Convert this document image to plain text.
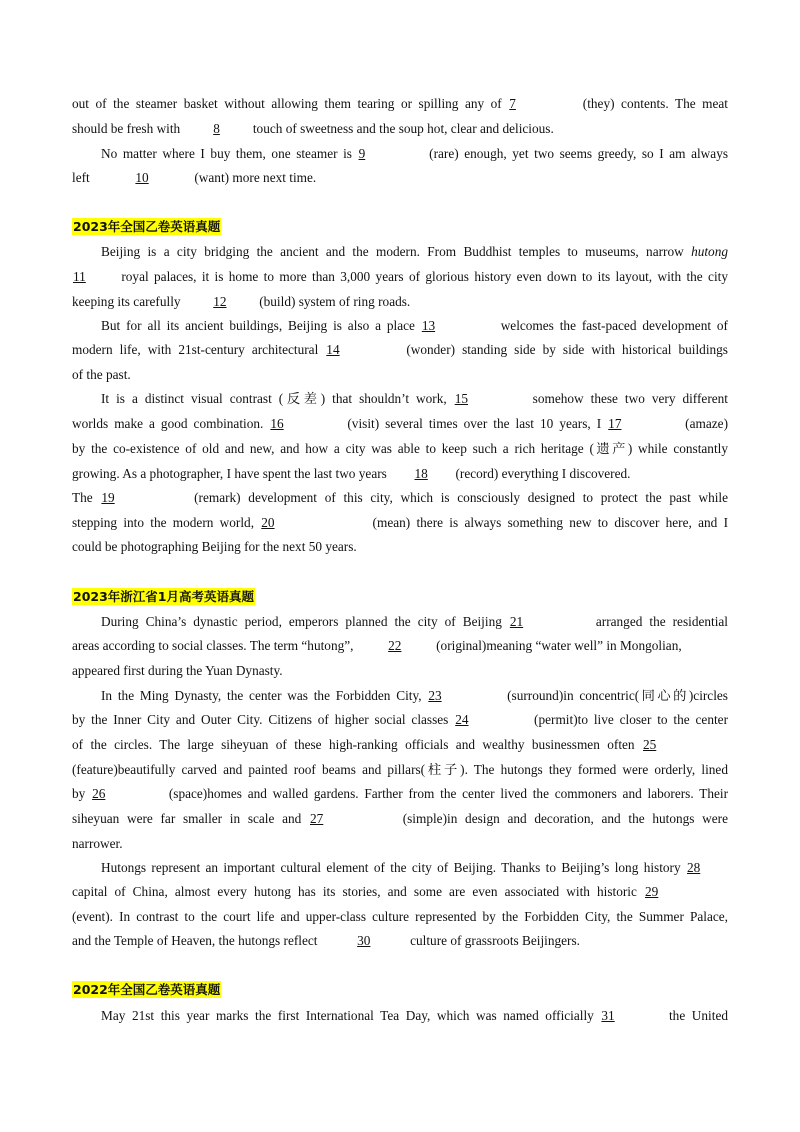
out of the steamer basket without allowing them tearing or spilling any of 7	(they) contents. The meat
should be fresh with 8 touch of sweetness and the soup hot, clear and delicious.
No matter where I buy them, one steamer is 9	(rare) enough, yet two seems greedy, so I am always
left	10	(want) more next time.
2023年全国乙卷英语真题
Beijing is a city bridging the ancient and the modern. From Buddhist temples to museums, narrow hutong
11 royal palaces, it is home to more than 3,000 years of glorious history even down to its layout, with the city
keeping its carefully 12 (build) system of ring roads.
But for all its ancient buildings, Beijing is also a place 13	welcomes the fast-paced development of
modern life, with 21st-century architectural 14	(wonder) standing side by side with historical buildings
of the past.
It is a distinct visual contrast (反差) that shouldn’t work, 15	somehow these two very different
worlds make a good combination. 16	(visit) several times over the last 10 years, I 17	(amaze)
by the co-existence of old and new, and how a city was able to keep such a rich heritage (遗产) while constantly
growing. As a photographer, I have spent the last two years 18 (record) everything I discovered.
The 19	(remark) development of this city, which is consciously designed to protect the past while
stepping into the modern world, 20	(mean) there is always something new to discover here, and I
could be photographing Beijing for the next 50 years.
2023年浙江省1月高考英语真题
During China’s dynastic period, emperors planned the city of Beijing 21	arranged the residential
areas according to social classes. The term “hutong”, 22 (original)meaning “water well” in Mongolian,
appeared first during the Yuan Dynasty.
In the Ming Dynasty, the center was the Forbidden City, 23	(surround)in concentric(同心的)circles
by the Inner City and Outer City. Citizens of higher social classes 24	(permit)to live closer to the center
of the circles. The large siheyuan of these high-ranking officials and wealthy businessmen often 25
(feature)beautifully carved and painted roof beams and pillars(柱子). The hutongs they formed were orderly, lined
by 26	(space)homes and walled gardens. Farther from the center lived the commoners and laborers. Their
siheyuan were far smaller in scale and 27	(simple)in design and decoration, and the hutongs were
narrower.
Hutongs represent an important cultural element of the city of Beijing. Thanks to Beijing’s long history 28
capital of China, almost every hutong has its stories, and some are even associated with historic 29
(event). In contrast to the court life and upper-class culture represented by the Forbidden City, the Summer Palace,
and the Temple of Heaven, the hutongs reflect	30	culture of grassroots Beijingers.
2022年全国乙卷英语真题
May 21st this year marks the first International Tea Day, which was named officially 31	the United
